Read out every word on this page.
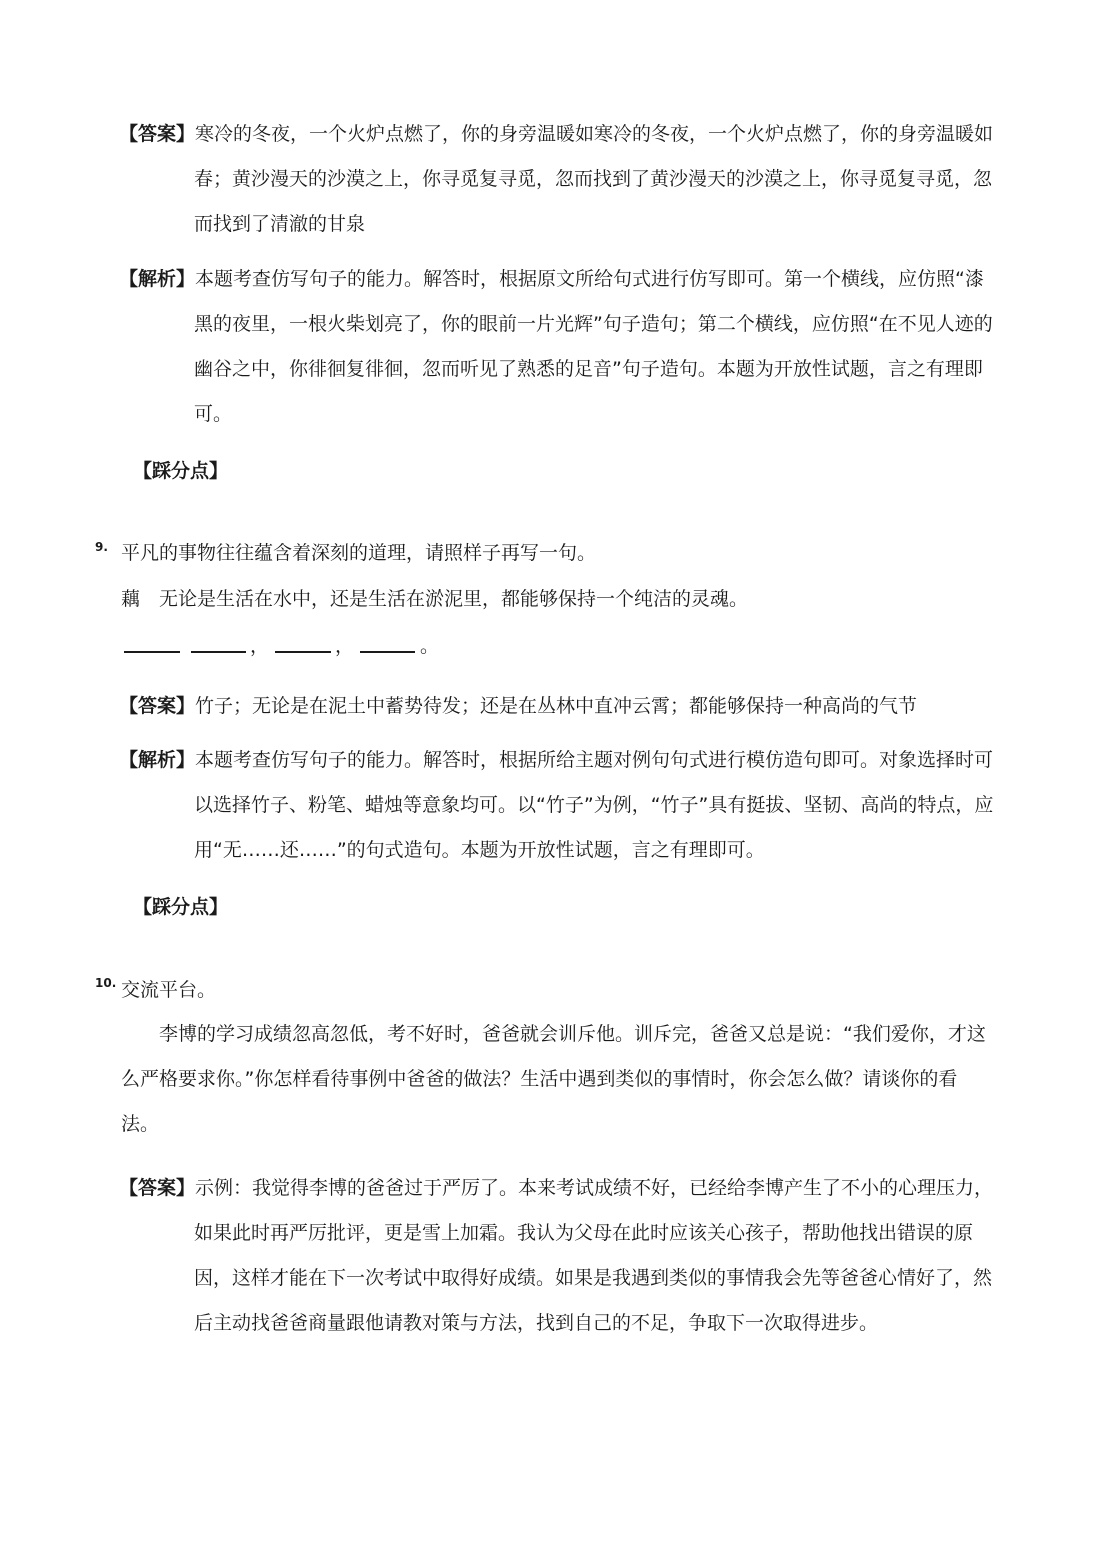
【答案】寒冷的冬夜，一个火炉点燃了，你的身旁温暖如寒冷的冬夜，一个火炉点燃了，你的身旁温暖如春；黄沙漫天的沙漠之上，你寻觅复寻觅，忽而找到了黄沙漫天的沙漠之上，你寻觅复寻觅，忽而找到了清澈的甘泉

【解析】本题考查仿写句子的能力。解答时，根据原文所给句式进行仿写即可。第一个横线，应仿照“漆黑的夜里，一根火柴划亮了，你的眼前一片光辉”句子造句；第二个横线，应仿照“在不见人迹的幽谷之中，你徘徊复徘徊，忽而听见了熟悉的足音”句子造句。本题为开放性试题，言之有理即可。

【踩分点】
9. 平凡的事物往往蕴含着深刻的道理，请照样子再写一句。
藕　无论是生活在水中，还是生活在淤泥里，都能够保持一个纯洁的灵魂。
，	，	。

【答案】竹子；无论是在泥土中蓄势待发；还是在丛林中直冲云霄；都能够保持一种高尚的气节

【解析】本题考查仿写句子的能力。解答时，根据所给主题对例句句式进行模仿造句即可。对象选择时可以选择竹子、粉笔、蜡烛等意象均可。以“竹子”为例，“竹子”具有挺拔、坚韧、高尚的特点，应用“无……还……”的句式造句。本题为开放性试题，言之有理即可。

【踩分点】
10. 交流平台。
李博的学习成绩忽高忽低，考不好时，爸爸就会训斥他。训斥完，爸爸又总是说：“我们爱你，才这么严格要求你。”你怎样看待事例中爸爸的做法？生活中遇到类似的事情时，你会怎么做？请谈你的看法。

【答案】示例：我觉得李博的爸爸过于严厉了。本来考试成绩不好，已经给李博产生了不小的心理压力，如果此时再严厉批评，更是雪上加霜。我认为父母在此时应该关心孩子，帮助他找出错误的原因，这样才能在下一次考试中取得好成绩。如果是我遇到类似的事情我会先等爸爸心情好了，然后主动找爸爸商量跟他请教对策与方法，找到自己的不足，争取下一次取得进步。
